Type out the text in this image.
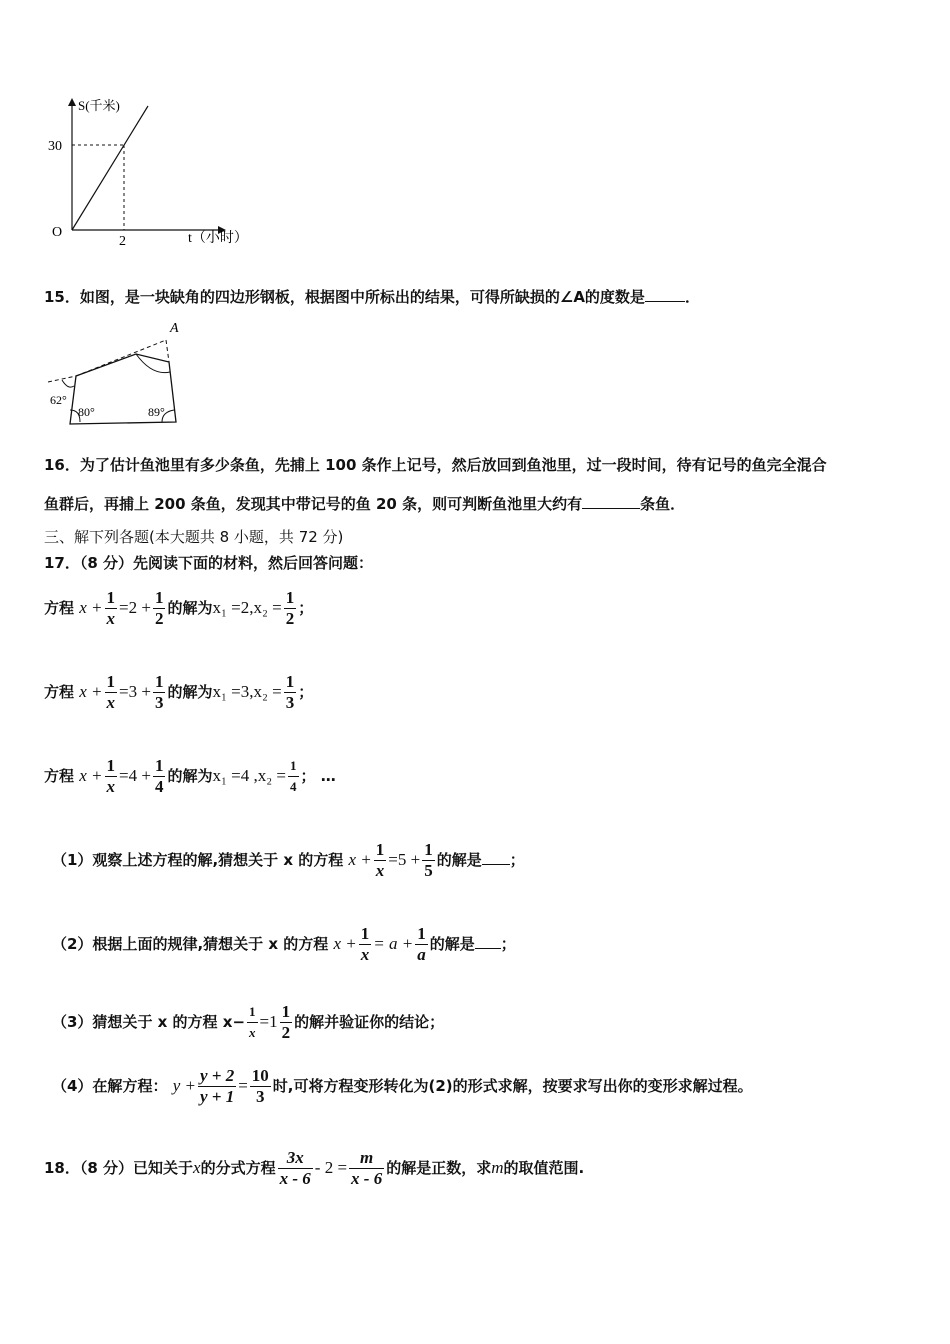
S(千米)
30
O
2	t（小时）
15．如图，是一块缺角的四边形钢板，根据图中所标出的结果，可得所缺损的∠A的度数是	．
A
62°
80°	89°
16．为了估计鱼池里有多少条鱼，先捕上 100 条作上记号，然后放回到鱼池里，过一段时间，待有记号的鱼完全混合
鱼群后，再捕上 200 条鱼，发现其中带记号的鱼 20 条，则可判断鱼池里大约有	条鱼．
三、解下列各题(本大题共 8 小题，共 72 分)
17．（8 分）先阅读下面的材料，然后回答问题：
方程 $x + \frac{1}{x} =2 + \frac{1}{2}$ 的解为$x_1 =2,x_2 = \frac{1}{2}$ ；
方程 $x + \frac{1}{x} =3 + \frac{1}{3}$ 的解为$x_1 =3,x_2 = \frac{1}{3}$ ；
方程 $x + \frac{1}{x} =4 + \frac{1}{4}$ 的解为x₁ =4 $,x_2 = \frac{1}{4}$ ； …
（1）观察上述方程的解,猜想关于 x 的方程 $x + \frac{1}{x} =5 + \frac{1}{5}$ 的解是 ；
（2）根据上面的规律,猜想关于 x 的方程 $x + \frac{1}{x} = a + \frac{1}{a}$ 的解是 ；
（3）猜想关于 x 的方程 $x- \frac{1}{x} =1 \frac{1}{2}$ 的解并验证你的结论；
（4）在解方程： $y + \frac{y + 2}{y + 1} = \frac{10}{3}$ 时,可将方程变形转化为(2)的形式求解，按要求写出你的变形求解过程。
18．（8 分）已知关于x的分式方程 $\frac{3x}{x - 6} - 2 = \frac{m}{x - 6}$ 的解是正数，求m的取值范围.
